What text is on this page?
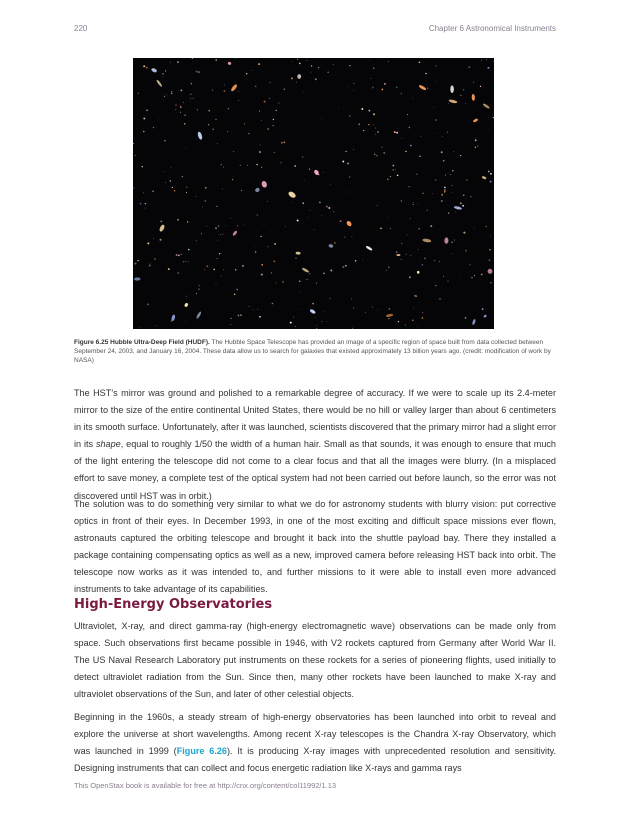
220	Chapter 6 Astronomical Instruments
Figure 6.25 Hubble Ultra-Deep Field (HUDF). The Hubble Space Telescope has provided an image of a specific region of space built from data collected between September 24, 2003, and January 16, 2004. These data allow us to search for galaxies that existed approximately 13 billion years ago. (credit: modification of work by NASA)

The HST’s mirror was ground and polished to a remarkable degree of accuracy. If we were to scale up its 2.4-meter mirror to the size of the entire continental United States, there would be no hill or valley larger than about 6 centimeters in its smooth surface. Unfortunately, after it was launched, scientists discovered that the primary mirror had a slight error in its shape, equal to roughly 1/50 the width of a human hair. Small as that sounds, it was enough to ensure that much of the light entering the telescope did not come to a clear focus and that all the images were blurry. (In a misplaced effort to save money, a complete test of the optical system had not been carried out before launch, so the error was not discovered until HST was in orbit.)

The solution was to do something very similar to what we do for astronomy students with blurry vision: put corrective optics in front of their eyes. In December 1993, in one of the most exciting and difficult space missions ever flown, astronauts captured the orbiting telescope and brought it back into the shuttle payload bay. There they installed a package containing compensating optics as well as a new, improved camera before releasing HST back into orbit. The telescope now works as it was intended to, and further missions to it were able to install even more advanced instruments to take advantage of its capabilities.

High-Energy Observatories

Ultraviolet, X-ray, and direct gamma-ray (high-energy electromagnetic wave) observations can be made only from space. Such observations first became possible in 1946, with V2 rockets captured from Germany after World War II. The US Naval Research Laboratory put instruments on these rockets for a series of pioneering flights, used initially to detect ultraviolet radiation from the Sun. Since then, many other rockets have been launched to make X-ray and ultraviolet observations of the Sun, and later of other celestial objects.

Beginning in the 1960s, a steady stream of high-energy observatories has been launched into orbit to reveal and explore the universe at short wavelengths. Among recent X-ray telescopes is the Chandra X-ray Observatory, which was launched in 1999 (Figure 6.26). It is producing X-ray images with unprecedented resolution and sensitivity. Designing instruments that can collect and focus energetic radiation like X-rays and gamma rays

This OpenStax book is available for free at http://cnx.org/content/col11992/1.13
